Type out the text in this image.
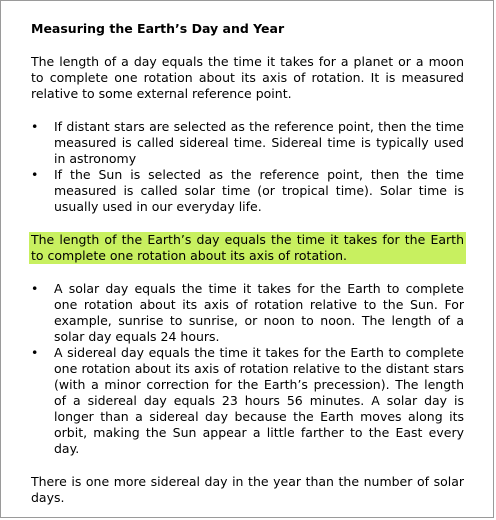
Measuring the Earth’s Day and Year

The length of a day equals the time it takes for a planet or a moon to complete one rotation about its axis of rotation. It is measured relative to some external reference point.

• If distant stars are selected as the reference point, then the time measured is called sidereal time. Sidereal time is typically used in astronomy
• If the Sun is selected as the reference point, then the time measured is called solar time (or tropical time). Solar time is usually used in our everyday life.

The length of the Earth’s day equals the time it takes for the Earth to complete one rotation about its axis of rotation.

• A solar day equals the time it takes for the Earth to complete one rotation about its axis of rotation relative to the Sun. For example, sunrise to sunrise, or noon to noon. The length of a solar day equals 24 hours.
• A sidereal day equals the time it takes for the Earth to complete one rotation about its axis of rotation relative to the distant stars (with a minor correction for the Earth’s precession). The length of a sidereal day equals 23 hours 56 minutes. A solar day is longer than a sidereal day because the Earth moves along its orbit, making the Sun appear a little farther to the East every day.

There is one more sidereal day in the year than the number of solar days.
